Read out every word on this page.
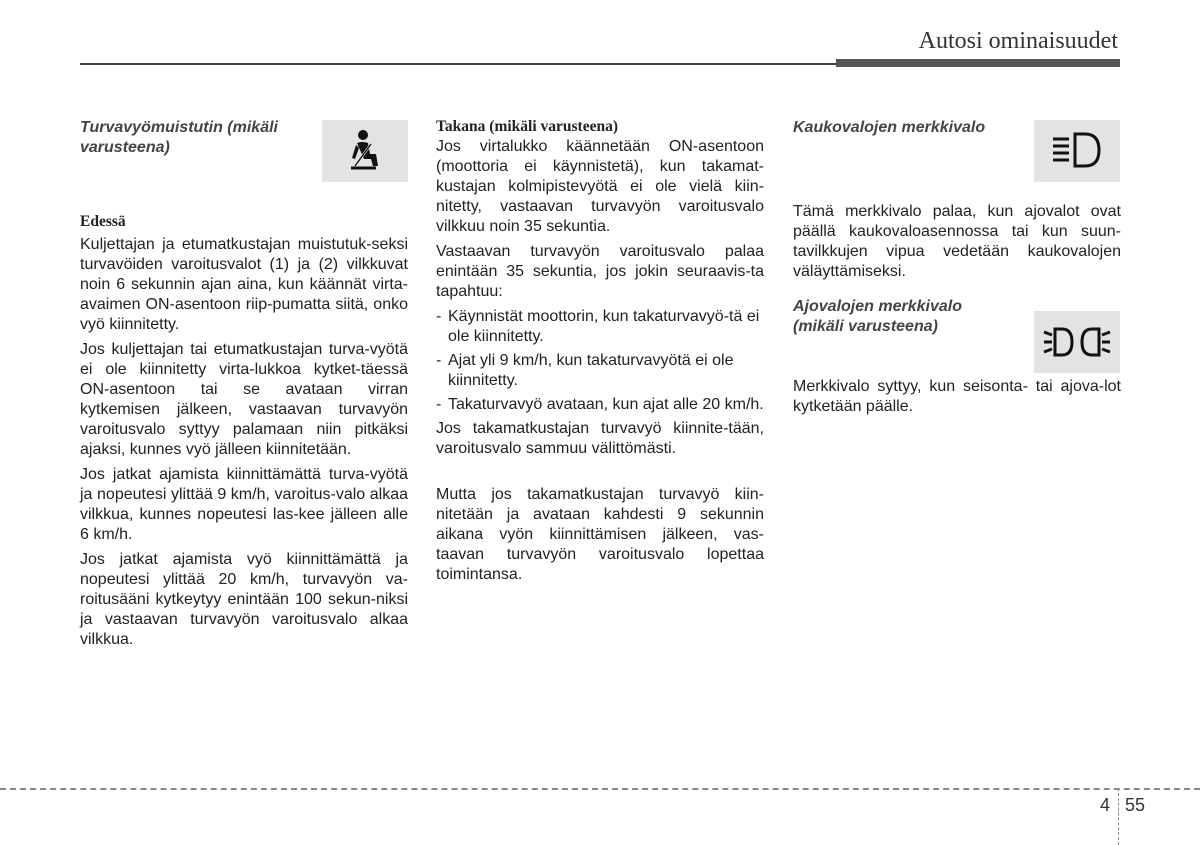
Autosi ominaisuudet
Turvavyömuistutin (mikäli
varusteena)
Edessä

Kuljettajan ja etumatkustajan muistutuk-seksi turvavöiden varoitusvalot (1) ja (2) vilkkuvat noin 6 sekunnin ajan aina, kun käännät virta-avaimen ON-asentoon riip-pumatta siitä, onko vyö kiinnitetty.

Jos kuljettajan tai etumatkustajan turva-vyötä ei ole kiinnitetty virta-lukkoa kytket-täessä ON-asentoon tai se avataan virran kytkemisen jälkeen, vastaavan turvavyön varoitusvalo syttyy palamaan niin pitkäksi ajaksi, kunnes vyö jälleen kiinnitetään.

Jos jatkat ajamista kiinnittämättä turva-vyötä ja nopeutesi ylittää 9 km/h, varoitus-valo alkaa vilkkua, kunnes nopeutesi las-kee jälleen alle 6 km/h.

Jos jatkat ajamista vyö kiinnittämättä ja nopeutesi ylittää 20 km/h, turvavyön va-roitusääni kytkeytyy enintään 100 sekun-niksi ja vastaavan turvavyön varoitusvalo alkaa vilkkua.

Takana (mikäli varusteena)

Jos virtalukko käännetään ON-asentoon (moottoria ei käynnistetä), kun takamat-kustajan kolmipistevyötä ei ole vielä kiin-nitetty, vastaavan turvavyön varoitusvalo vilkkuu noin 35 sekuntia.

Vastaavan turvavyön varoitusvalo palaa enintään 35 sekuntia, jos jokin seuraavis-ta tapahtuu:

- Käynnistät moottorin, kun takaturvavyö-tä ei ole kiinnitetty.
- Ajat yli 9 km/h, kun takaturvavyötä ei ole kiinnitetty.
- Takaturvavyö avataan, kun ajat alle 20 km/h.

Jos takamatkustajan turvavyö kiinnite-tään, varoitusvalo sammuu välittömästi.

Mutta jos takamatkustajan turvavyö kiin-nitetään ja avataan kahdesti 9 sekunnin aikana vyön kiinnittämisen jälkeen, vas-taavan turvavyön varoitusvalo lopettaa toimintansa.

Kaukovalojen merkkivalo

Tämä merkkivalo palaa, kun ajovalot ovat päällä kaukovaloasennossa tai kun suun-tavilkkujen vipua vedetään kaukovalojen väläyttämiseksi.

Ajovalojen merkkivalo
(mikäli varusteena)

Merkkivalo syttyy, kun seisonta- tai ajova-lot kytketään päälle.

4 55
